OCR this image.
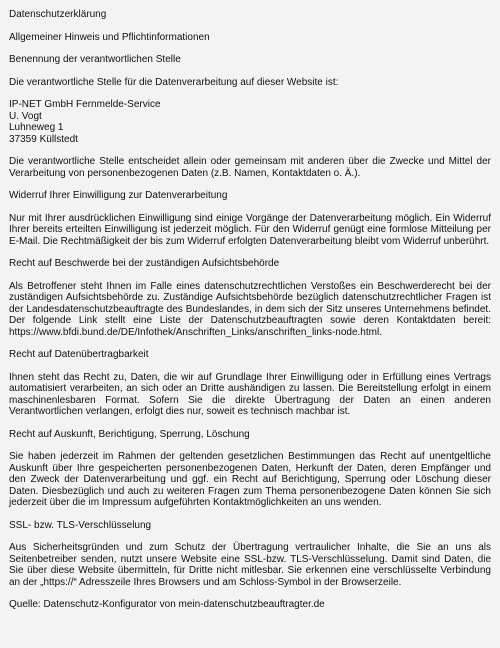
Datenschutzerklärung
Allgemeiner Hinweis und Pflichtinformationen
Benennung der verantwortlichen Stelle

Die verantwortliche Stelle für die Datenverarbeitung auf dieser Website ist:

IP-NET GmbH Fernmelde-Service
U. Vogt
Luhneweg 1
37359 Küllstedt

Die verantwortliche Stelle entscheidet allein oder gemeinsam mit anderen über die Zwecke und Mittel der Verarbeitung von personenbezogenen Daten (z.B. Namen, Kontaktdaten o. Ä.).

Widerruf Ihrer Einwilligung zur Datenverarbeitung

Nur mit Ihrer ausdrücklichen Einwilligung sind einige Vorgänge der Datenverarbeitung möglich. Ein Widerruf Ihrer bereits erteilten Einwilligung ist jederzeit möglich. Für den Widerruf genügt eine formlose Mitteilung per E-Mail. Die Rechtmäßigkeit der bis zum Widerruf erfolgten Datenverarbeitung bleibt vom Widerruf unberührt.

Recht auf Beschwerde bei der zuständigen Aufsichtsbehörde

Als Betroffener steht Ihnen im Falle eines datenschutzrechtlichen Verstoßes ein Beschwerderecht bei der zuständigen Aufsichtsbehörde zu. Zuständige Aufsichtsbehörde bezüglich datenschutzrechtlicher Fragen ist der Landesdatenschutzbeauftragte des Bundeslandes, in dem sich der Sitz unseres Unternehmens befindet. Der folgende Link stellt eine Liste der Datenschutzbeauftragten sowie deren Kontaktdaten bereit: https://www.bfdi.bund.de/DE/Infothek/Anschriften_Links/anschriften_links-node.html.

Recht auf Datenübertragbarkeit

Ihnen steht das Recht zu, Daten, die wir auf Grundlage Ihrer Einwilligung oder in Erfüllung eines Vertrags automatisiert verarbeiten, an sich oder an Dritte aushändigen zu lassen. Die Bereitstellung erfolgt in einem maschinenlesbaren Format. Sofern Sie die direkte Übertragung der Daten an einen anderen Verantwortlichen verlangen, erfolgt dies nur, soweit es technisch machbar ist.

Recht auf Auskunft, Berichtigung, Sperrung, Löschung

Sie haben jederzeit im Rahmen der geltenden gesetzlichen Bestimmungen das Recht auf unentgeltliche Auskunft über Ihre gespeicherten personenbezogenen Daten, Herkunft der Daten, deren Empfänger und den Zweck der Datenverarbeitung und ggf. ein Recht auf Berichtigung, Sperrung oder Löschung dieser Daten. Diesbezüglich und auch zu weiteren Fragen zum Thema personenbezogene Daten können Sie sich jederzeit über die im Impressum aufgeführten Kontaktmöglichkeiten an uns wenden.

SSL- bzw. TLS-Verschlüsselung

Aus Sicherheitsgründen und zum Schutz der Übertragung vertraulicher Inhalte, die Sie an uns als Seitenbetreiber senden, nutzt unsere Website eine SSL-bzw. TLS-Verschlüsselung. Damit sind Daten, die Sie über diese Website übermitteln, für Dritte nicht mitlesbar. Sie erkennen eine verschlüsselte Verbindung an der „https://“ Adresszeile Ihres Browsers und am Schloss-Symbol in der Browserzeile.

Quelle: Datenschutz-Konfigurator von mein-datenschutzbeauftragter.de
